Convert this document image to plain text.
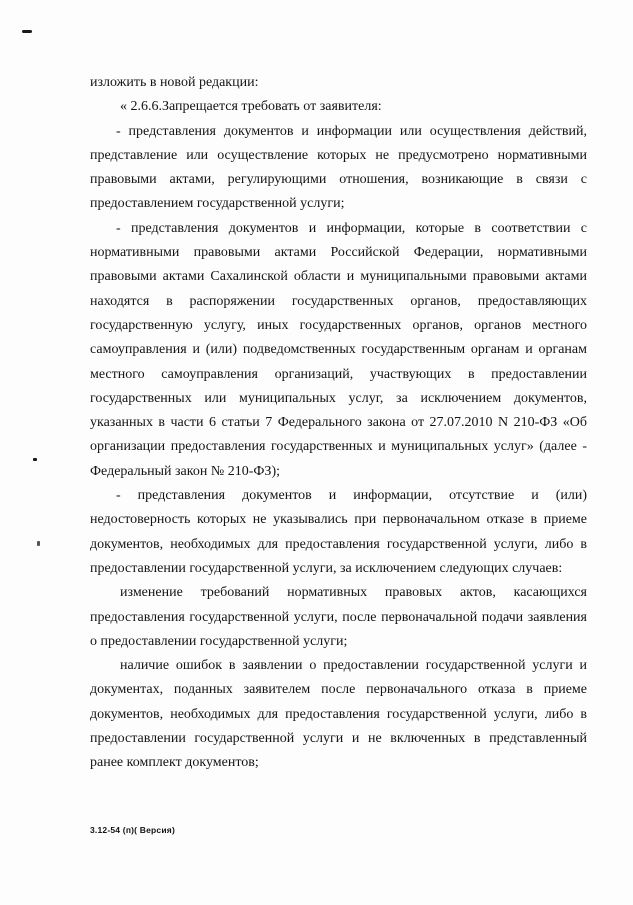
изложить в новой редакции:

« 2.6.6.Запрещается требовать от заявителя:

- представления документов и информации или осуществления действий, представление или осуществление которых не предусмотрено нормативными правовыми актами, регулирующими отношения, возникающие в связи с предоставлением государственной услуги;

- представления документов и информации, которые в соответствии с нормативными правовыми актами Российской Федерации, нормативными правовыми актами Сахалинской области и муниципальными правовыми актами находятся в распоряжении государственных органов, предоставляющих государственную услугу, иных государственных органов, органов местного самоуправления и (или) подведомственных государственным органам и органам местного самоуправления организаций, участвующих в предоставлении государственных или муниципальных услуг, за исключением документов, указанных в части 6 статьи 7 Федерального закона от 27.07.2010 N 210-ФЗ «Об организации предоставления государственных и муниципальных услуг» (далее - Федеральный закон № 210-ФЗ);

- представления документов и информации, отсутствие и (или) недостоверность которых не указывались при первоначальном отказе в приеме документов, необходимых для предоставления государственной услуги, либо в предоставлении государственной услуги, за исключением следующих случаев:

изменение требований нормативных правовых актов, касающихся предоставления государственной услуги, после первоначальной подачи заявления о предоставлении государственной услуги;

наличие ошибок в заявлении о предоставлении государственной услуги и документах, поданных заявителем после первоначального отказа в приеме документов, необходимых для предоставления государственной услуги, либо в предоставлении государственной услуги и не включенных в представленный ранее комплект документов;

3.12-54 (п)( Версия)
